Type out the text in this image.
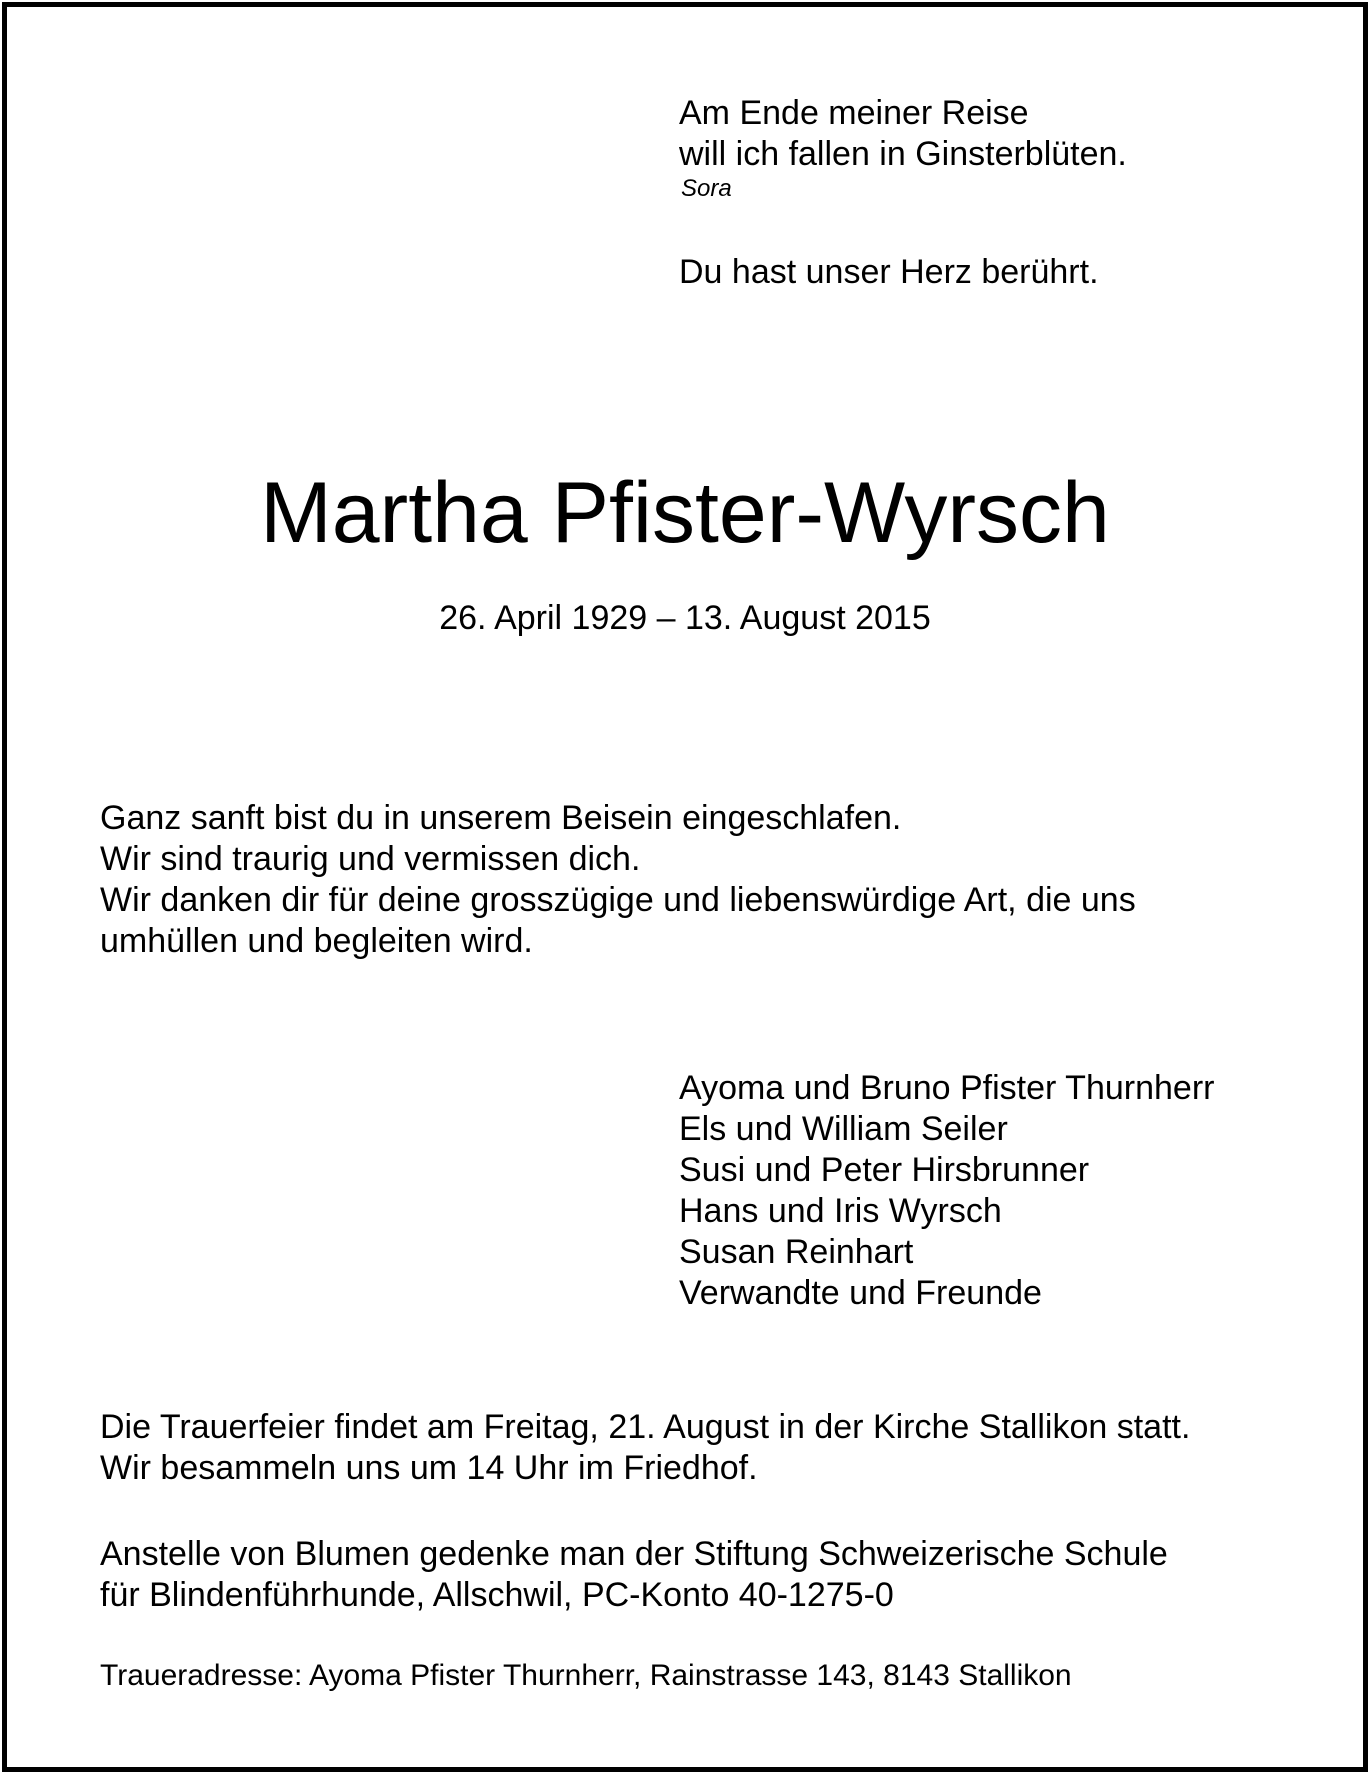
Am Ende meiner Reise
will ich fallen in Ginsterblüten.
Sora
Du hast unser Herz berührt.
Martha Pfister-Wyrsch
26. April 1929 – 13. August 2015
Ganz sanft bist du in unserem Beisein eingeschlafen.
Wir sind traurig und vermissen dich.
Wir danken dir für deine grosszügige und liebenswürdige Art, die uns
umhüllen und begleiten wird.
Ayoma und Bruno Pfister Thurnherr
Els und William Seiler
Susi und Peter Hirsbrunner
Hans und Iris Wyrsch
Susan Reinhart
Verwandte und Freunde
Die Trauerfeier findet am Freitag, 21. August in der Kirche Stallikon statt.
Wir besammeln uns um 14 Uhr im Friedhof.
Anstelle von Blumen gedenke man der Stiftung Schweizerische Schule
für Blindenführhunde, Allschwil, PC-Konto 40-1275-0
Traueradresse: Ayoma Pfister Thurnherr, Rainstrasse 143, 8143 Stallikon
